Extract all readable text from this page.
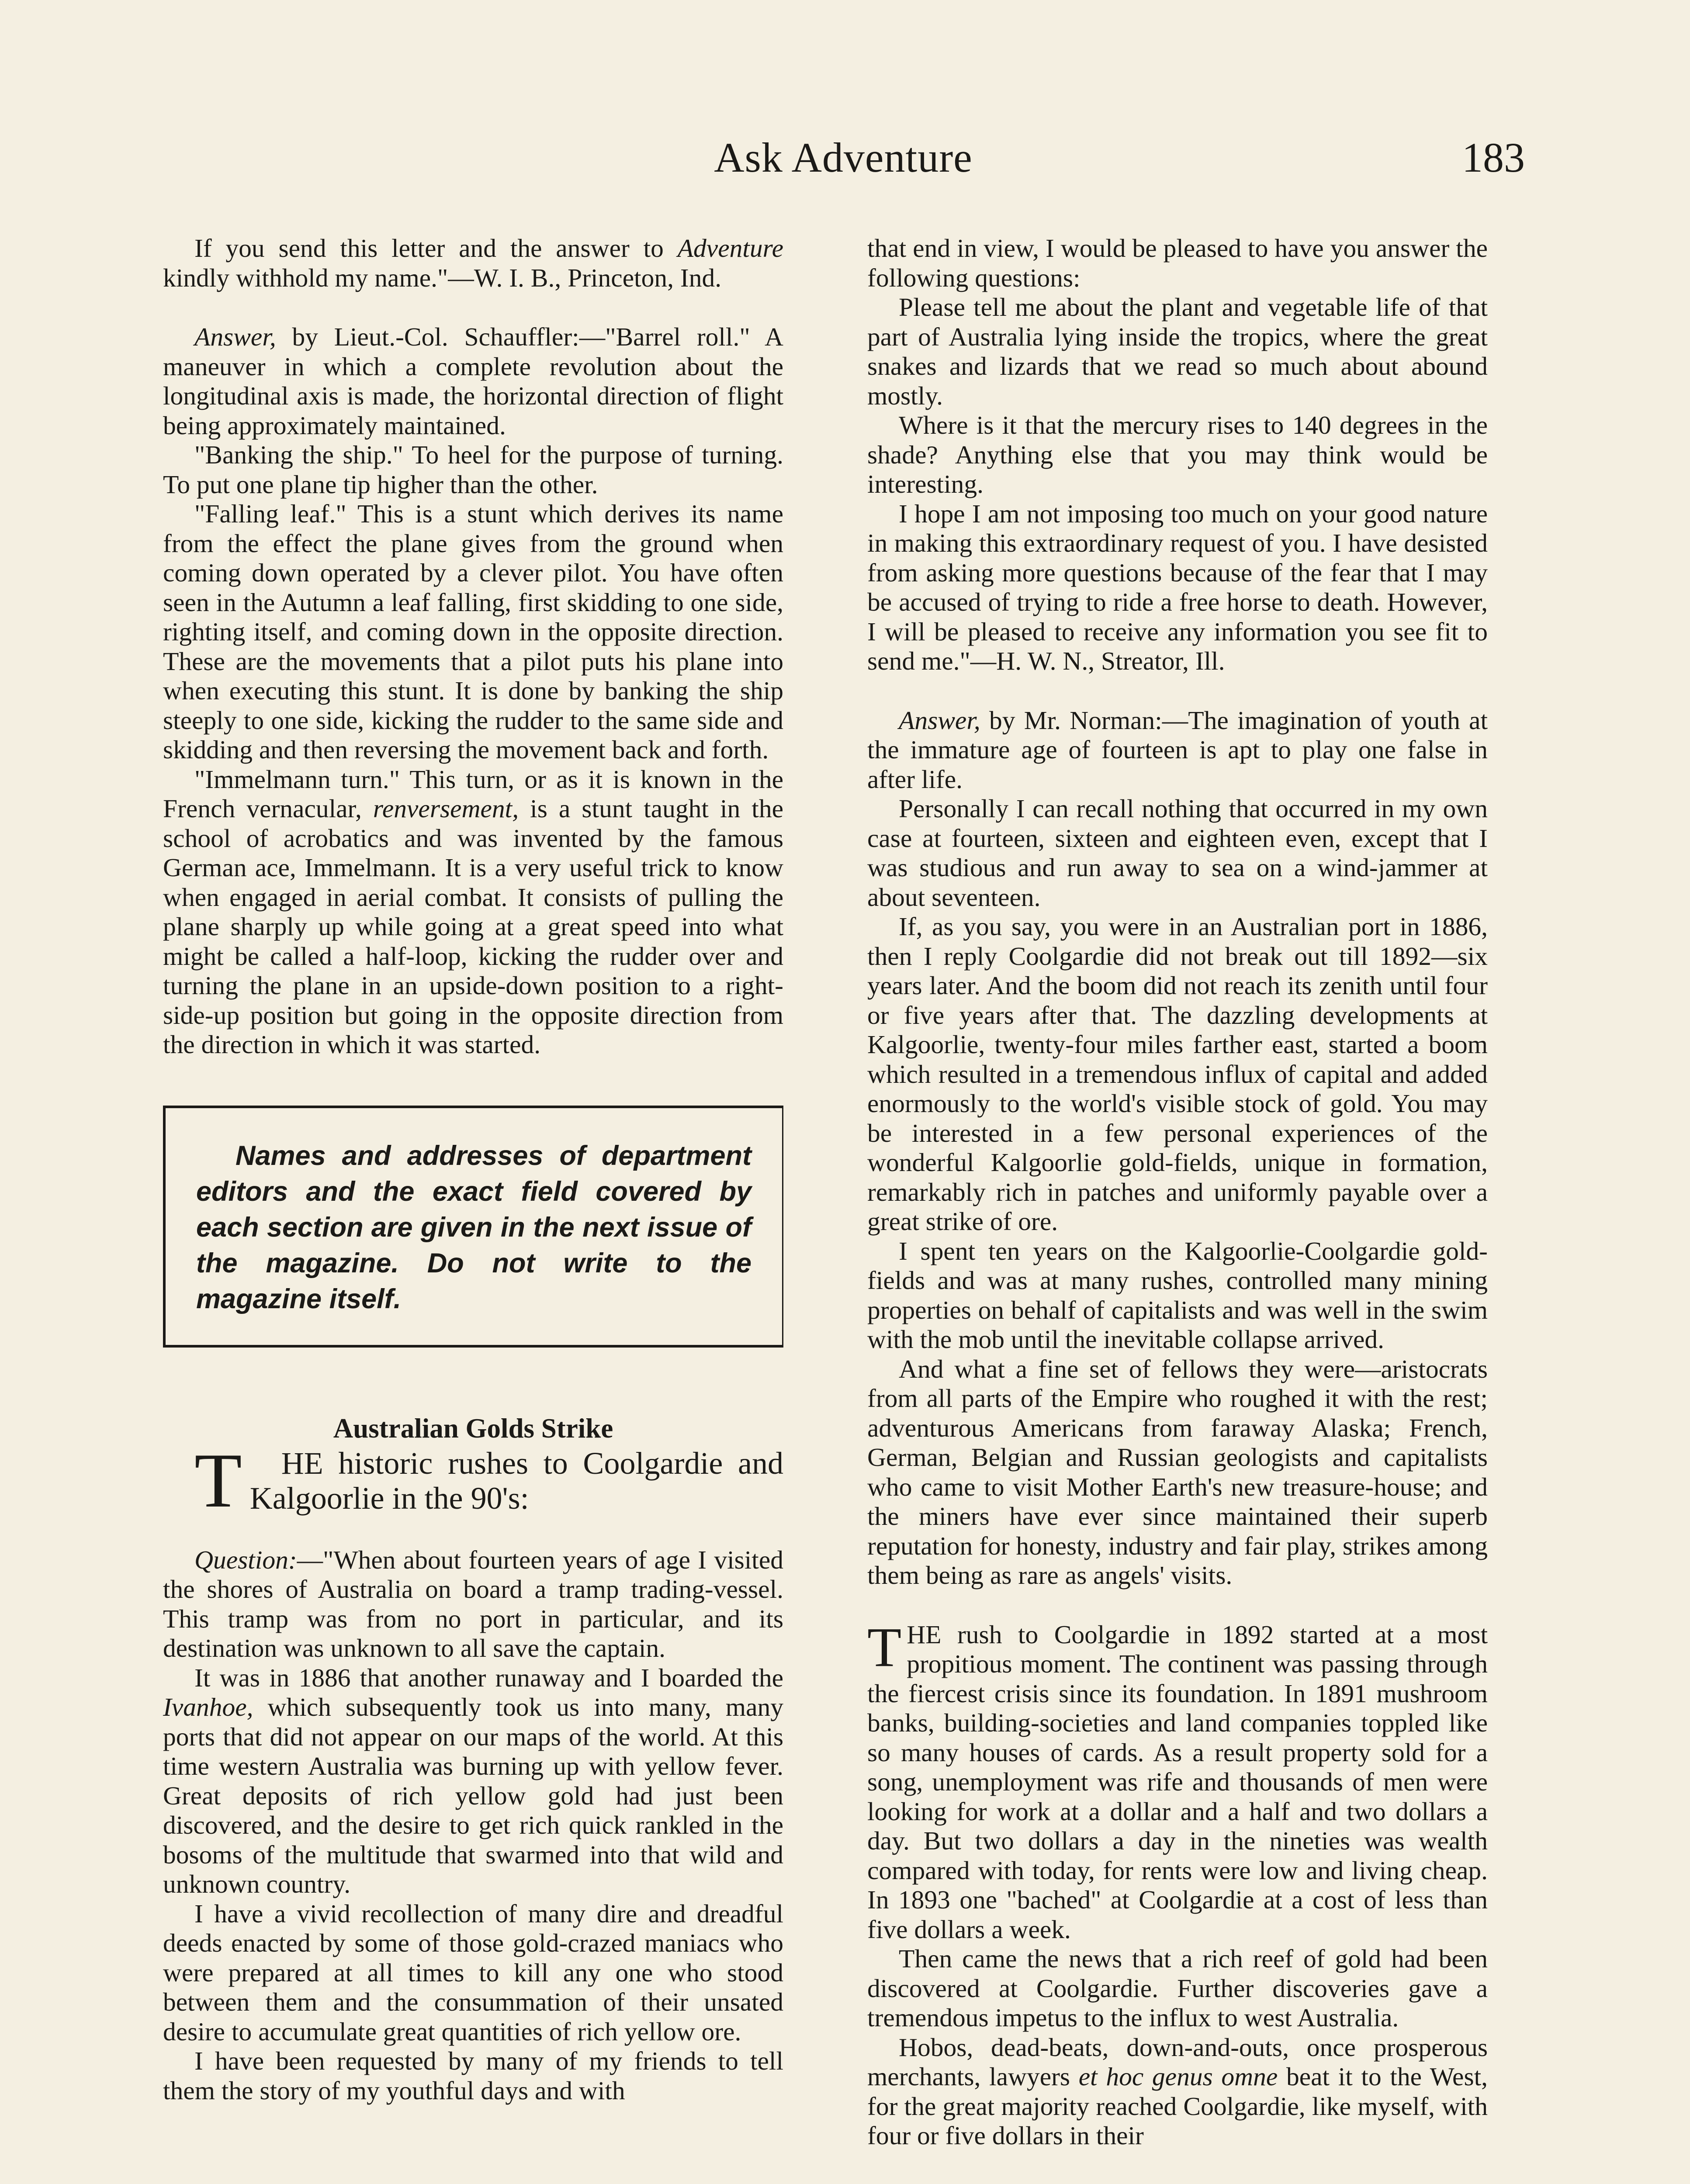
Ask Adventure	183

If you send this letter and the answer to Adventure kindly withhold my name."—W. I. B., Princeton, Ind.

Answer, by Lieut.-Col. Schauffler:—"Barrel roll." A maneuver in which a complete revolution about the longitudinal axis is made, the horizontal direction of flight being approximately maintained.

"Banking the ship." To heel for the purpose of turning. To put one plane tip higher than the other.

"Falling leaf." This is a stunt which derives its name from the effect the plane gives from the ground when coming down operated by a clever pilot. You have often seen in the Autumn a leaf falling, first skidding to one side, righting itself, and coming down in the opposite direction. These are the movements that a pilot puts his plane into when executing this stunt. It is done by banking the ship steeply to one side, kicking the rudder to the same side and skidding and then reversing the movement back and forth.

"Immelmann turn." This turn, or as it is known in the French vernacular, renversement, is a stunt taught in the school of acrobatics and was invented by the famous German ace, Immelmann. It is a very useful trick to know when engaged in aerial combat. It consists of pulling the plane sharply up while going at a great speed into what might be called a half-loop, kicking the rudder over and turning the plane in an upside-down position to a right-side-up position but going in the opposite direction from the direction in which it was started.

Names and addresses of department editors and the exact field covered by each section are given in the next issue of the magazine. Do not write to the magazine itself.
Australian Golds Strike

T HE historic rushes to Coolgardie and Kalgoorlie in the 90's:

Question:—"When about fourteen years of age I visited the shores of Australia on board a tramp trading-vessel. This tramp was from no port in particular, and its destination was unknown to all save the captain.

It was in 1886 that another runaway and I boarded the Ivanhoe, which subsequently took us into many, many ports that did not appear on our maps of the world. At this time western Australia was burning up with yellow fever. Great deposits of rich yellow gold had just been discovered, and the desire to get rich quick rankled in the bosoms of the multitude that swarmed into that wild and unknown country.

I have a vivid recollection of many dire and dreadful deeds enacted by some of those gold-crazed maniacs who were prepared at all times to kill any one who stood between them and the consummation of their unsated desire to accumulate great quantities of rich yellow ore.

I have been requested by many of my friends to tell them the story of my youthful days and with

that end in view, I would be pleased to have you answer the following questions:

Please tell me about the plant and vegetable life of that part of Australia lying inside the tropics, where the great snakes and lizards that we read so much about abound mostly.

Where is it that the mercury rises to 140 degrees in the shade? Anything else that you may think would be interesting.

I hope I am not imposing too much on your good nature in making this extraordinary request of you. I have desisted from asking more questions because of the fear that I may be accused of trying to ride a free horse to death. However, I will be pleased to receive any information you see fit to send me."—H. W. N., Streator, Ill.

Answer, by Mr. Norman:—The imagination of youth at the immature age of fourteen is apt to play one false in after life.

Personally I can recall nothing that occurred in my own case at fourteen, sixteen and eighteen even, except that I was studious and run away to sea on a wind-jammer at about seventeen.

If, as you say, you were in an Australian port in 1886, then I reply Coolgardie did not break out till 1892—six years later. And the boom did not reach its zenith until four or five years after that. The dazzling developments at Kalgoorlie, twenty-four miles farther east, started a boom which resulted in a tremendous influx of capital and added enormously to the world's visible stock of gold. You may be interested in a few personal experiences of the wonderful Kalgoorlie gold-fields, unique in formation, remarkably rich in patches and uniformly payable over a great strike of ore.

I spent ten years on the Kalgoorlie-Coolgardie gold-fields and was at many rushes, controlled many mining properties on behalf of capitalists and was well in the swim with the mob until the inevitable collapse arrived.

And what a fine set of fellows they were—aristocrats from all parts of the Empire who roughed it with the rest; adventurous Americans from faraway Alaska; French, German, Belgian and Russian geologists and capitalists who came to visit Mother Earth's new treasure-house; and the miners have ever since maintained their superb reputation for honesty, industry and fair play, strikes among them being as rare as angels' visits.

THE rush to Coolgardie in 1892 started at a most propitious moment. The continent was passing through the fiercest crisis since its foundation. In 1891 mushroom banks, building-societies and land companies toppled like so many houses of cards. As a result property sold for a song, unemployment was rife and thousands of men were looking for work at a dollar and a half and two dollars a day. But two dollars a day in the nineties was wealth compared with today, for rents were low and living cheap. In 1893 one "bached" at Coolgardie at a cost of less than five dollars a week.

Then came the news that a rich reef of gold had been discovered at Coolgardie. Further discoveries gave a tremendous impetus to the influx to west Australia.

Hobos, dead-beats, down-and-outs, once prosperous merchants, lawyers et hoc genus omne beat it to the West, for the great majority reached Coolgardie, like myself, with four or five dollars in their
